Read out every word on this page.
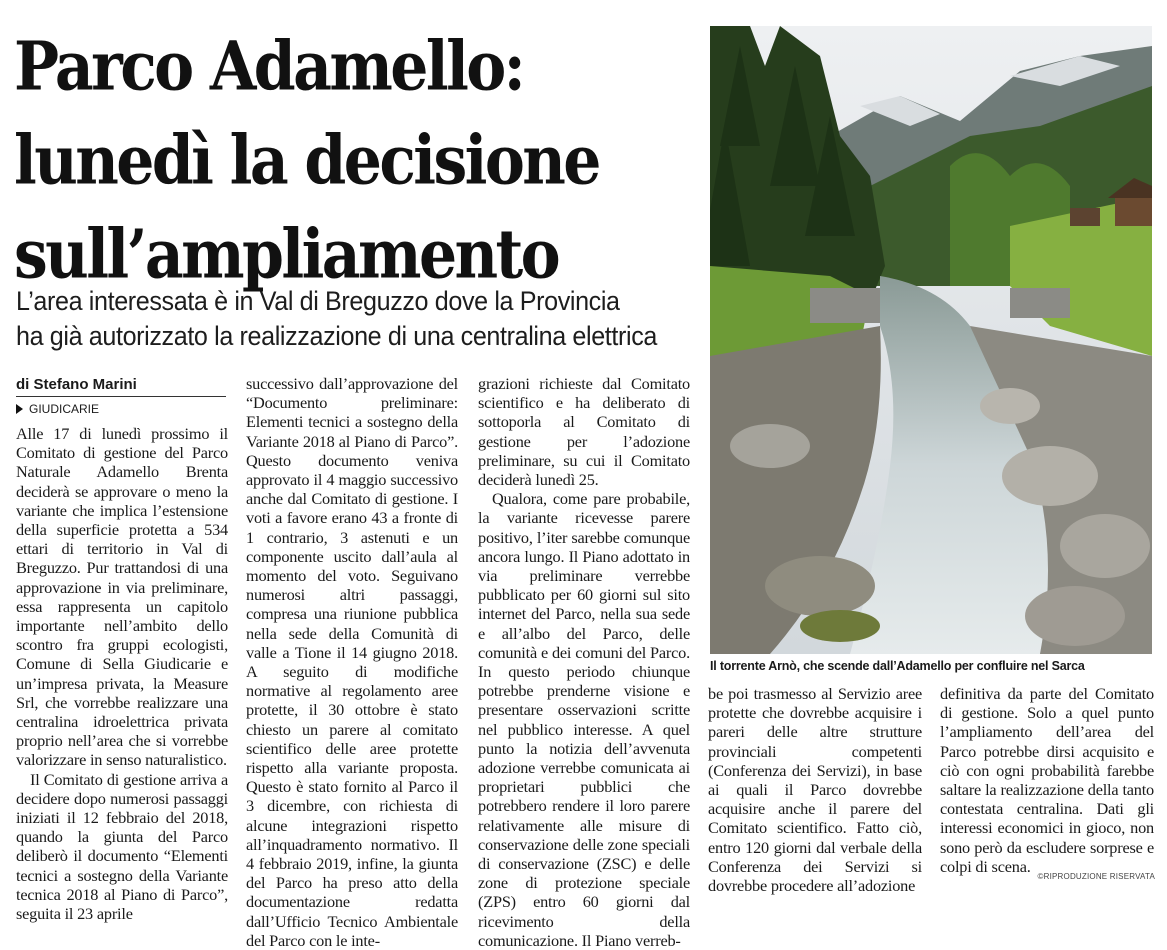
Parco Adamello:
lunedì la decisione
sull’ampliamento
L’area interessata è in Val di Breguzzo dove la Provincia
ha già autorizzato la realizzazione di una centralina elettrica
di Stefano Marini
GIUDICARIE

Alle 17 di lunedì prossimo il Comitato di gestione del Parco Naturale Adamello Brenta deciderà se approvare o meno la variante che implica l’estensione della superficie protetta a 534 ettari di territorio in Val di Breguzzo. Pur trattandosi di una approvazione in via preliminare, essa rappresenta un capitolo importante nell’ambito dello scontro fra gruppi ecologisti, Comune di Sella Giudicarie e un’impresa privata, la Measure Srl, che vorrebbe realizzare una centralina idroelettrica privata proprio nell’area che si vorrebbe valorizzare in senso naturalistico.

Il Comitato di gestione arriva a decidere dopo numerosi passaggi iniziati il 12 febbraio del 2018, quando la giunta del Parco deliberò il documento “Elementi tecnici a sostegno della Variante tecnica 2018 al Piano di Parco”, seguita il 23 aprile

successivo dall’approvazione del “Documento preliminare: Elementi tecnici a sostegno della Variante 2018 al Piano di Parco”. Questo documento veniva approvato il 4 maggio successivo anche dal Comitato di gestione. I voti a favore erano 43 a fronte di 1 contrario, 3 astenuti e un componente uscito dall’aula al momento del voto. Seguivano numerosi altri passaggi, compresa una riunione pubblica nella sede della Comunità di valle a Tione il 14 giugno 2018. A seguito di modifiche normative al regolamento aree protette, il 30 ottobre è stato chiesto un parere al comitato scientifico delle aree protette rispetto alla variante proposta. Questo è stato fornito al Parco il 3 dicembre, con richiesta di alcune integrazioni rispetto all’inquadramento normativo. Il 4 febbraio 2019, infine, la giunta del Parco ha preso atto della documentazione redatta dall’Ufficio Tecnico Ambientale del Parco con le inte-

grazioni richieste dal Comitato scientifico e ha deliberato di sottoporla al Comitato di gestione per l’adozione preliminare, su cui il Comitato deciderà lunedì 25.

Qualora, come pare probabile, la variante ricevesse parere positivo, l’iter sarebbe comunque ancora lungo. Il Piano adottato in via preliminare verrebbe pubblicato per 60 giorni sul sito internet del Parco, nella sua sede e all’albo del Parco, delle comunità e dei comuni del Parco. In questo periodo chiunque potrebbe prenderne visione e presentare osservazioni scritte nel pubblico interesse. A quel punto la notizia dell’avvenuta adozione verrebbe comunicata ai proprietari pubblici che potrebbero rendere il loro parere relativamente alle misure di conservazione delle zone speciali di conservazione (ZSC) e delle zone di protezione speciale (ZPS) entro 60 giorni dal ricevimento della comunicazione. Il Piano verreb-

be poi trasmesso al Servizio aree protette che dovrebbe acquisire i pareri delle altre strutture provinciali competenti (Conferenza dei Servizi), in base ai quali il Parco dovrebbe acquisire anche il parere del Comitato scientifico. Fatto ciò, entro 120 giorni dal verbale della Conferenza dei Servizi si dovrebbe procedere all’adozione

definitiva da parte del Comitato di gestione. Solo a quel punto l’ampliamento dell’area del Parco potrebbe dirsi acquisito e ciò con ogni probabilità farebbe saltare la realizzazione della tanto contestata centralina. Dati gli interessi economici in gioco, non sono però da escludere sorprese e colpi di scena.

Il torrente Arnò, che scende dall’Adamello per confluire nel Sarca
©RIPRODUZIONE RISERVATA
